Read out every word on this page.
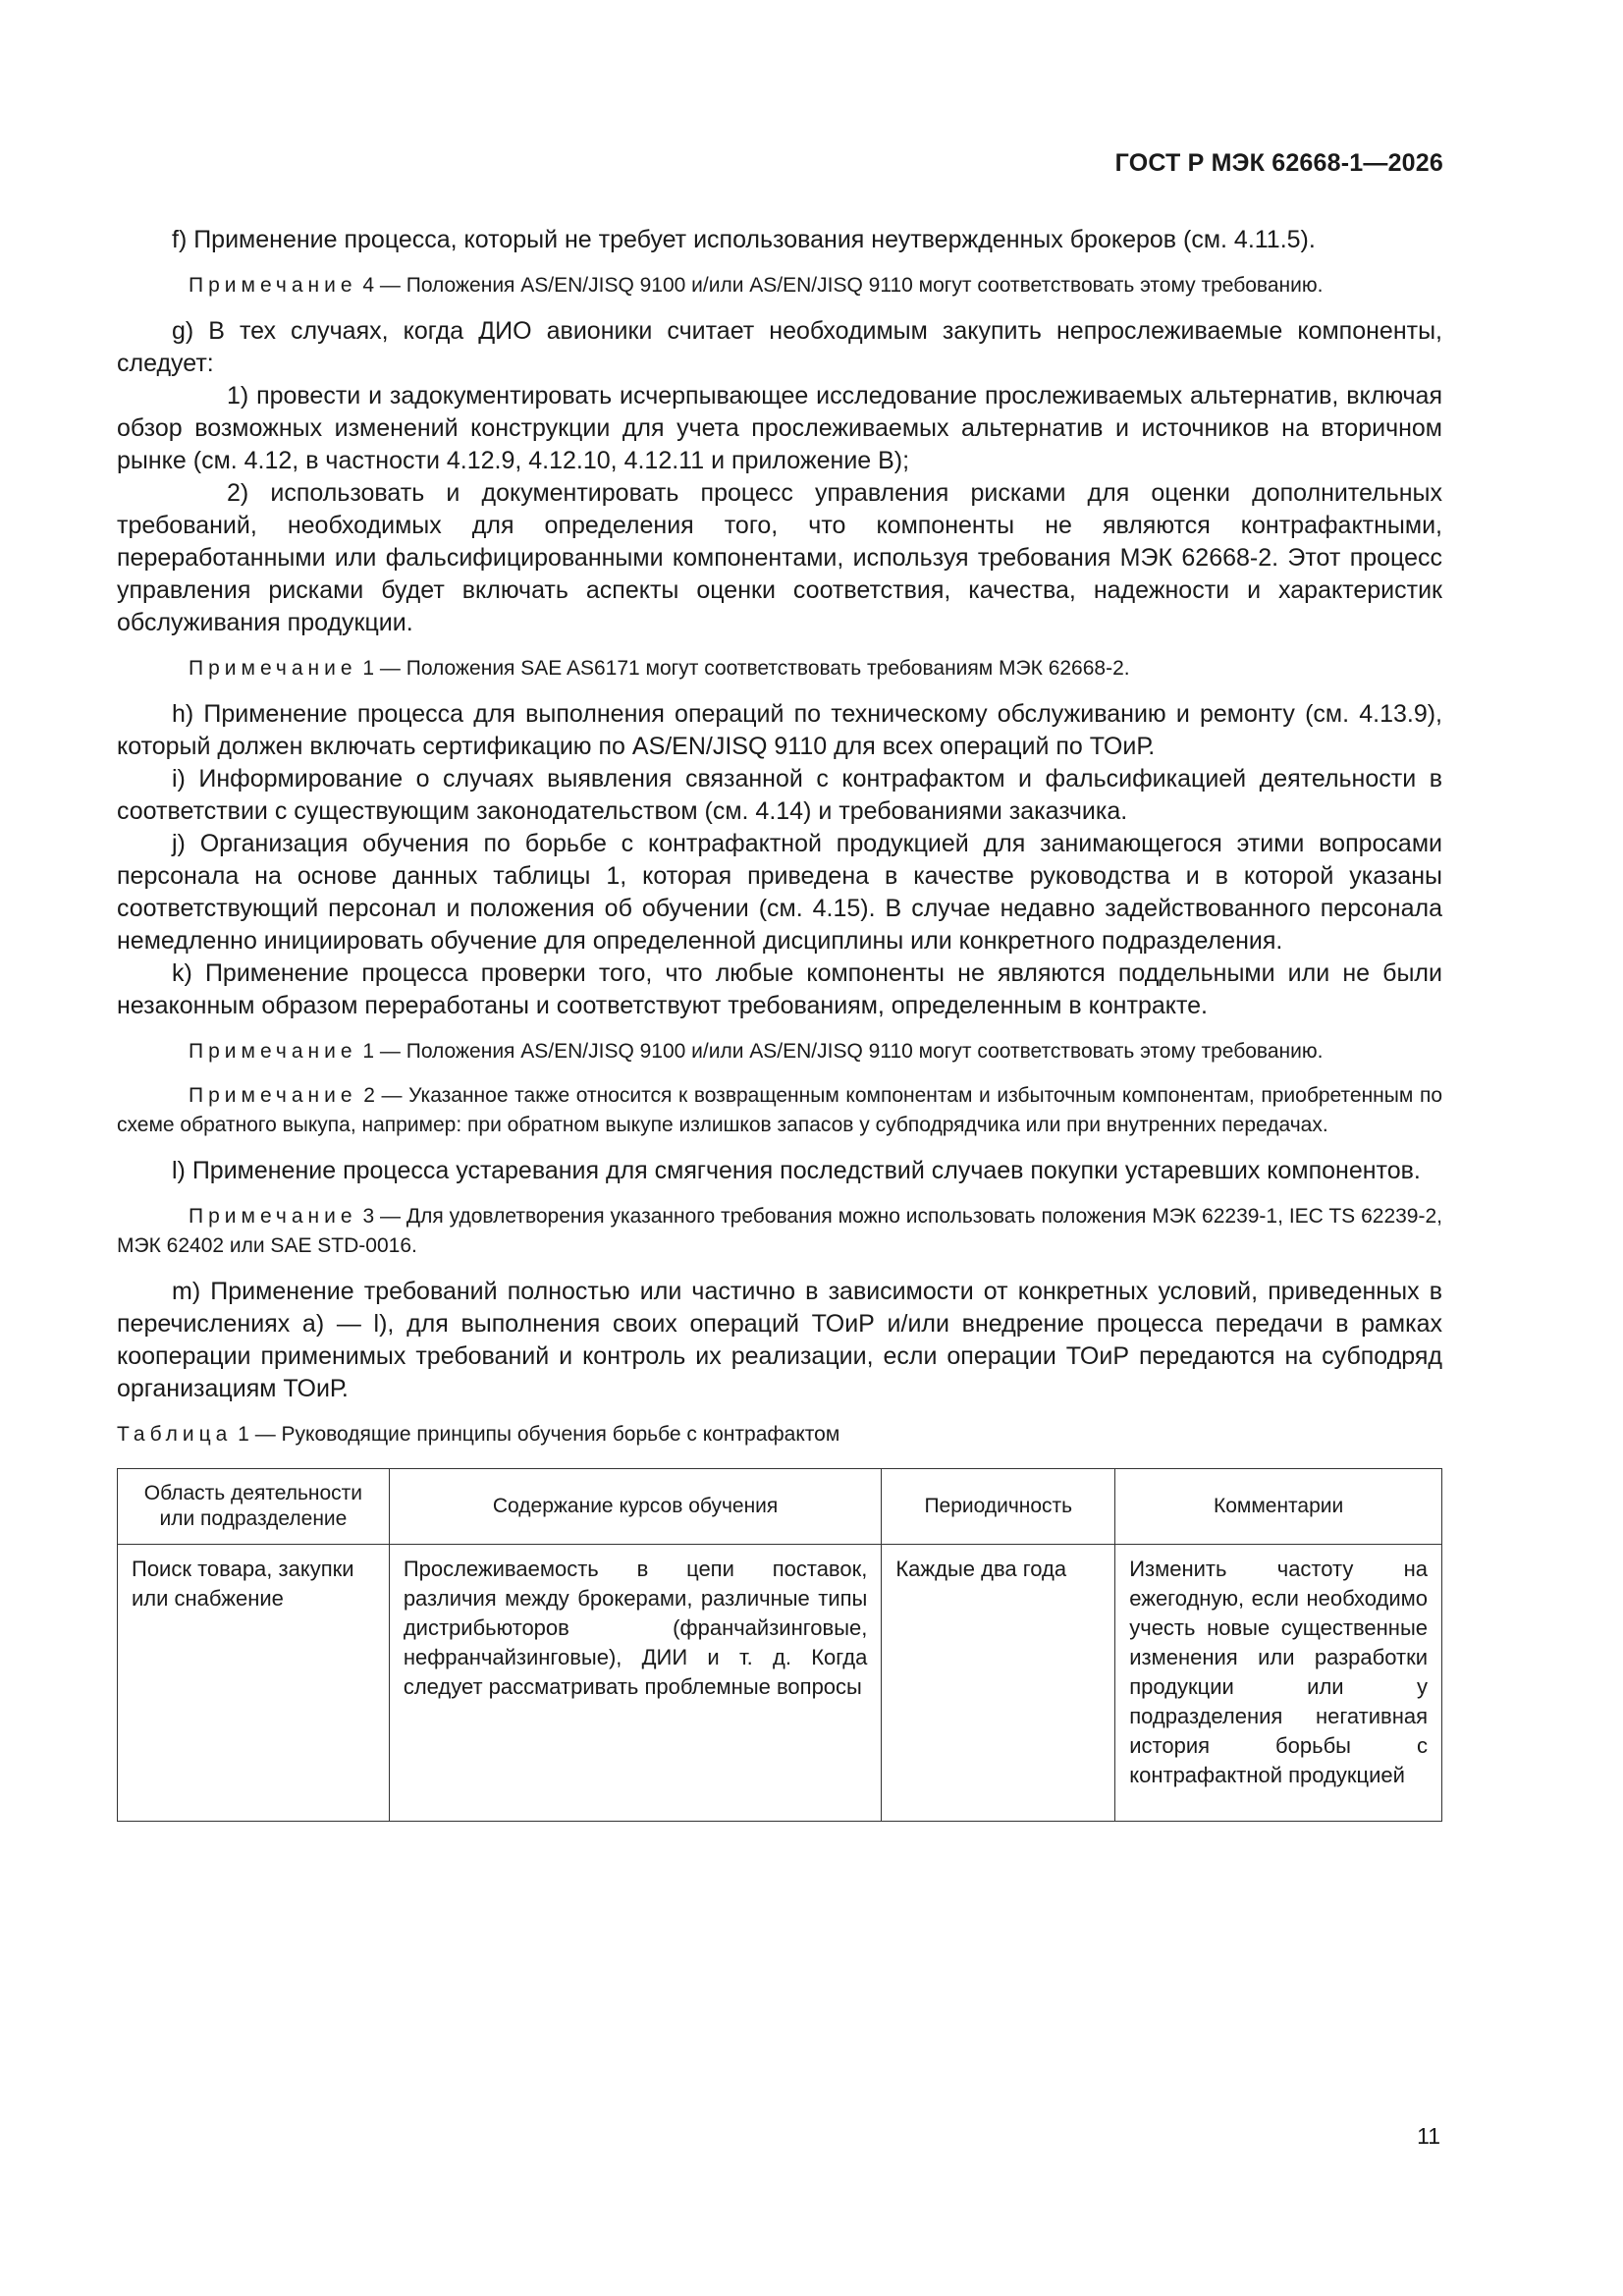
ГОСТ Р МЭК 62668-1—2026

f) Применение процесса, который не требует использования неутвержденных брокеров (см. 4.11.5).

Примечание 4 — Положения AS/EN/JISQ 9100 и/или AS/EN/JISQ 9110 могут соответствовать этому требованию.

g) В тех случаях, когда ДИО авионики считает необходимым закупить непрослеживаемые компоненты, следует:

1) провести и задокументировать исчерпывающее исследование прослеживаемых альтернатив, включая обзор возможных изменений конструкции для учета прослеживаемых альтернатив и источников на вторичном рынке (см. 4.12, в частности 4.12.9, 4.12.10, 4.12.11 и приложение В);

2) использовать и документировать процесс управления рисками для оценки дополнительных требований, необходимых для определения того, что компоненты не являются контрафактными, переработанными или фальсифицированными компонентами, используя требования МЭК 62668-2. Этот процесс управления рисками будет включать аспекты оценки соответствия, качества, надежности и характеристик обслуживания продукции.

Примечание 1 — Положения SAE AS6171 могут соответствовать требованиям МЭК 62668-2.

h) Применение процесса для выполнения операций по техническому обслуживанию и ремонту (см. 4.13.9), который должен включать сертификацию по AS/EN/JISQ 9110 для всех операций по ТОиР.

i) Информирование о случаях выявления связанной с контрафактом и фальсификацией деятельности в соответствии с существующим законодательством (см. 4.14) и требованиями заказчика.

j) Организация обучения по борьбе с контрафактной продукцией для занимающегося этими вопросами персонала на основе данных таблицы 1, которая приведена в качестве руководства и в которой указаны соответствующий персонал и положения об обучении (см. 4.15). В случае недавно задействованного персонала немедленно инициировать обучение для определенной дисциплины или конкретного подразделения.

k) Применение процесса проверки того, что любые компоненты не являются поддельными или не были незаконным образом переработаны и соответствуют требованиям, определенным в контракте.

Примечание 1 — Положения AS/EN/JISQ 9100 и/или AS/EN/JISQ 9110 могут соответствовать этому требованию.

Примечание 2 — Указанное также относится к возвращенным компонентам и избыточным компонентам, приобретенным по схеме обратного выкупа, например: при обратном выкупе излишков запасов у субподрядчика или при внутренних передачах.

l) Применение процесса устаревания для смягчения последствий случаев покупки устаревших компонентов.

Примечание 3 — Для удовлетворения указанного требования можно использовать положения МЭК 62239-1, IEC TS 62239-2, МЭК 62402 или SAE STD-0016.

m) Применение требований полностью или частично в зависимости от конкретных условий, приведенных в перечислениях a) — l), для выполнения своих операций ТОиР и/или внедрение процесса передачи в рамках кооперации применимых требований и контроль их реализации, если операции ТОиР передаются на субподряд организациям ТОиР.

Таблица 1 — Руководящие принципы обучения борьбе с контрафактом
Область деятельности или подразделение	Содержание курсов обучения	Периодичность	Комментарии
Поиск товара, закупки или снабжение	Прослеживаемость в цепи поставок, различия между брокерами, различные типы дистрибьюторов (франчайзинговые, нефранчайзинговые), ДИИ и т. д. Когда следует рассматривать проблемные вопросы	Каждые два года	Изменить частоту на ежегодную, если необходимо учесть новые существенные изменения или разработки продукции или у подразделения негативная история борьбы с контрафактной продукцией
11
